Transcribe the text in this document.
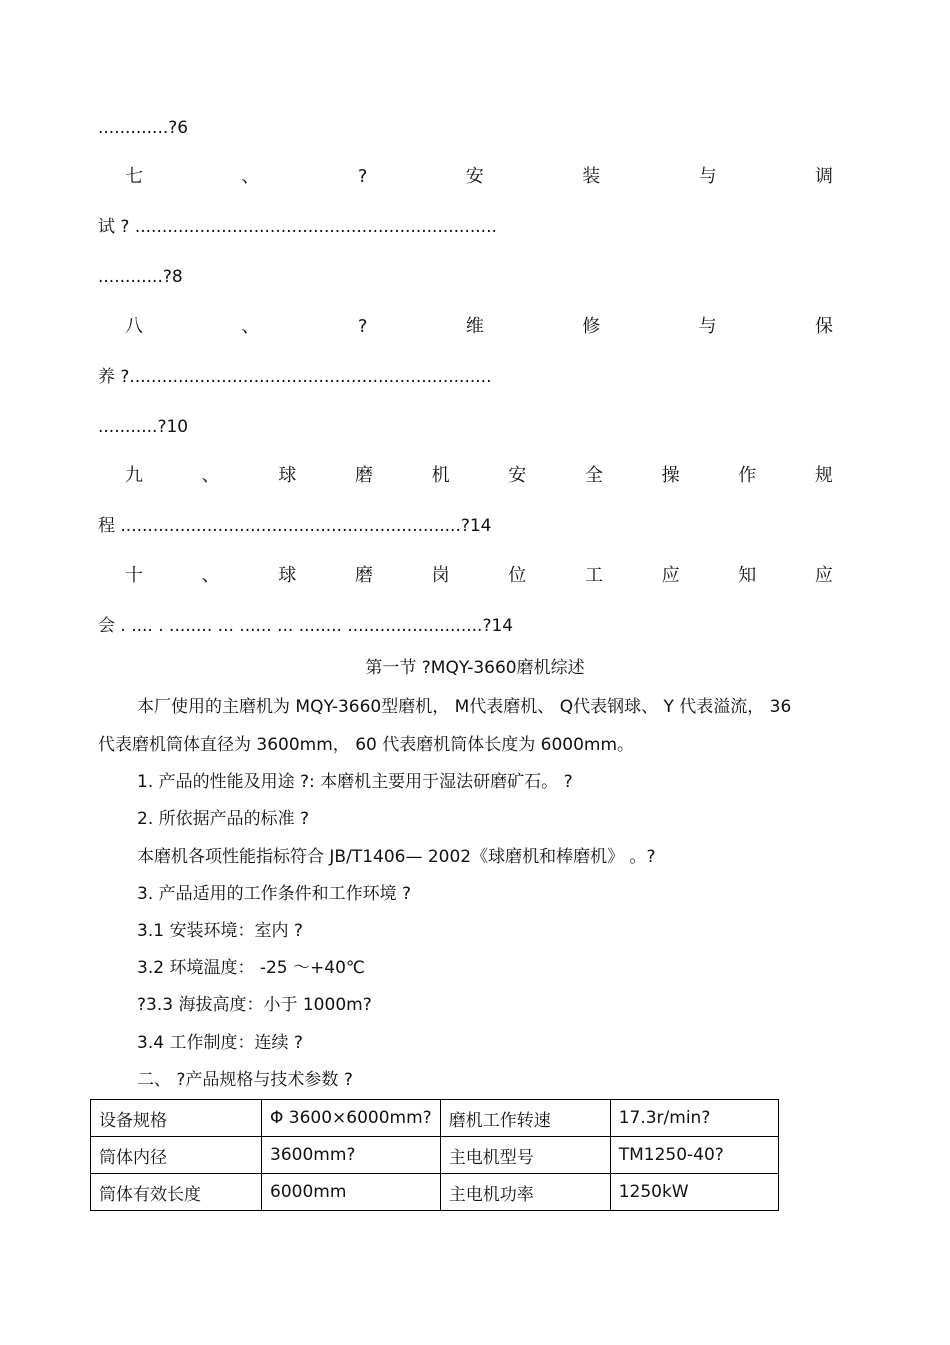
.............?6
七	、	?	安	装	与	调
试 ? ...................................................................
............?8
八	、	?	维	修	与	保
养 ?...................................................................
...........?10
九	、	球	磨	机	安	全	操	作	规
程 ...............................................................?14
十	、	球	磨	岗	位	工	应	知	应
会 . .... . ........ ... ...... ... ........ .........................?14
第一节 ?MQY-3660磨机综述
本厂使用的主磨机为 MQY-3660型磨机， M代表磨机、 Q代表钢球、 Y 代表溢流， 36
代表磨机筒体直径为 3600mm， 60 代表磨机筒体长度为 6000mm。
1. 产品的性能及用途 ?: 本磨机主要用于湿法研磨矿石。 ?
2. 所依据产品的标准 ?
本磨机各项性能指标符合 JB/T1406— 2002《球磨机和棒磨机》 。?
3. 产品适用的工作条件和工作环境 ?
3.1 安装环境：室内 ?
3.2 环境温度： -25 ～+40℃
?3.3 海拔高度：小于 1000m?
3.4 工作制度：连续 ?
二、 ?产品规格与技术参数 ?
设备规格	Φ 3600×6000mm?	磨机工作转速	17.3r/min?
筒体内径	3600mm?	主电机型号	TM1250-40?
筒体有效长度	6000mm	主电机功率	1250kW
